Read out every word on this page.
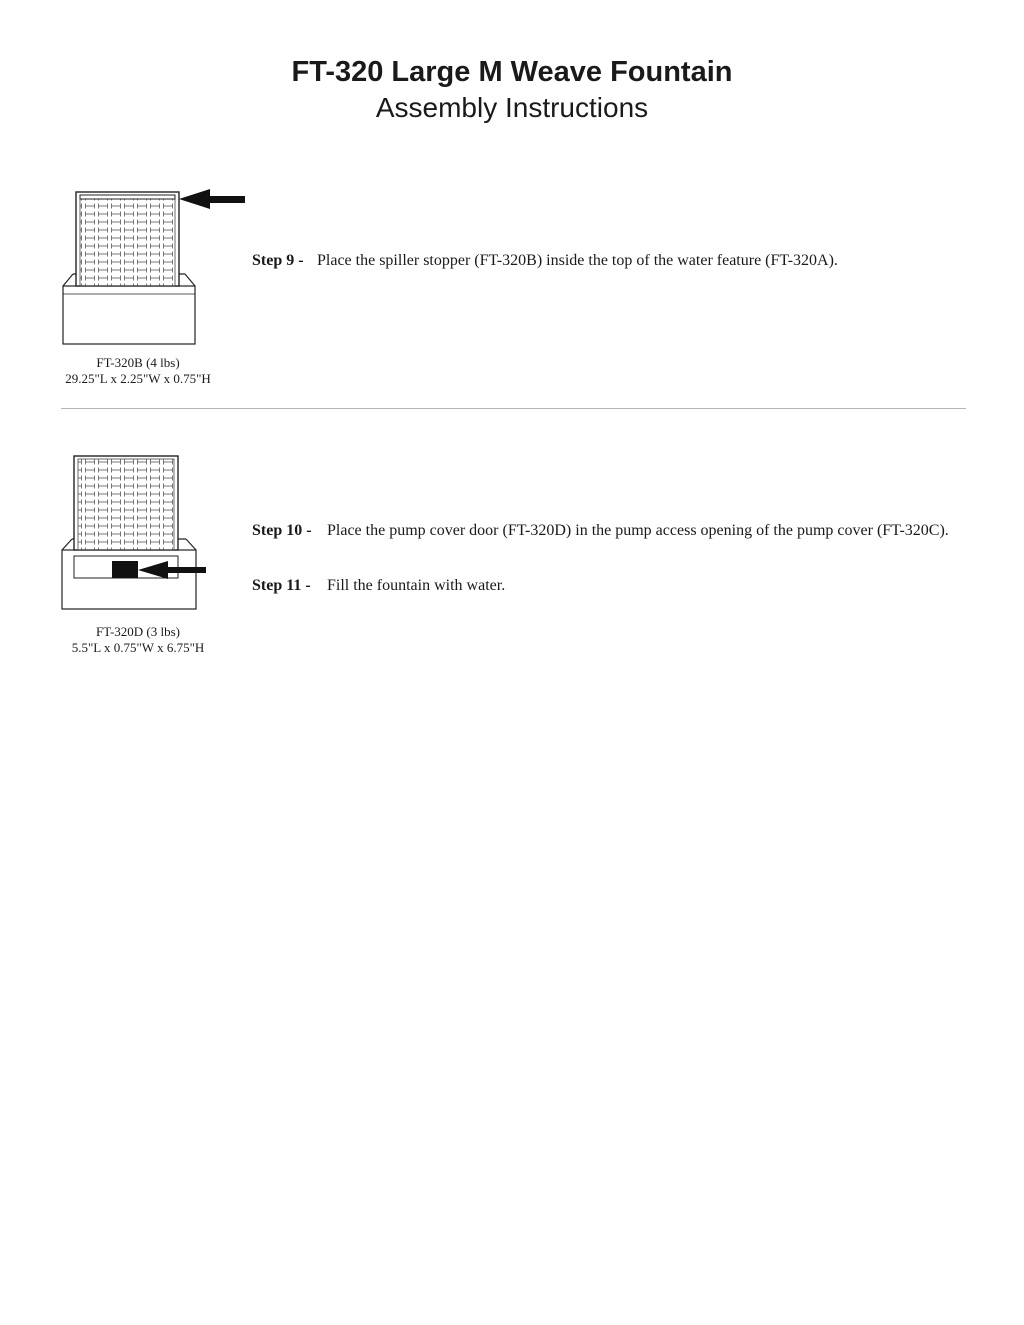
FT-320 Large M Weave Fountain
Assembly Instructions
FT-320B (4 lbs)
29.25"L x 2.25"W x 0.75"H
Step 9 - Place the spiller stopper (FT-320B) inside the top of the water feature (FT-320A).
FT-320D (3 lbs)
5.5"L x 0.75"W x 6.75"H
Step 10 - Place the pump cover door (FT-320D) in the pump access opening of the pump cover (FT-320C).
Step 11 -	Fill the fountain with water.
